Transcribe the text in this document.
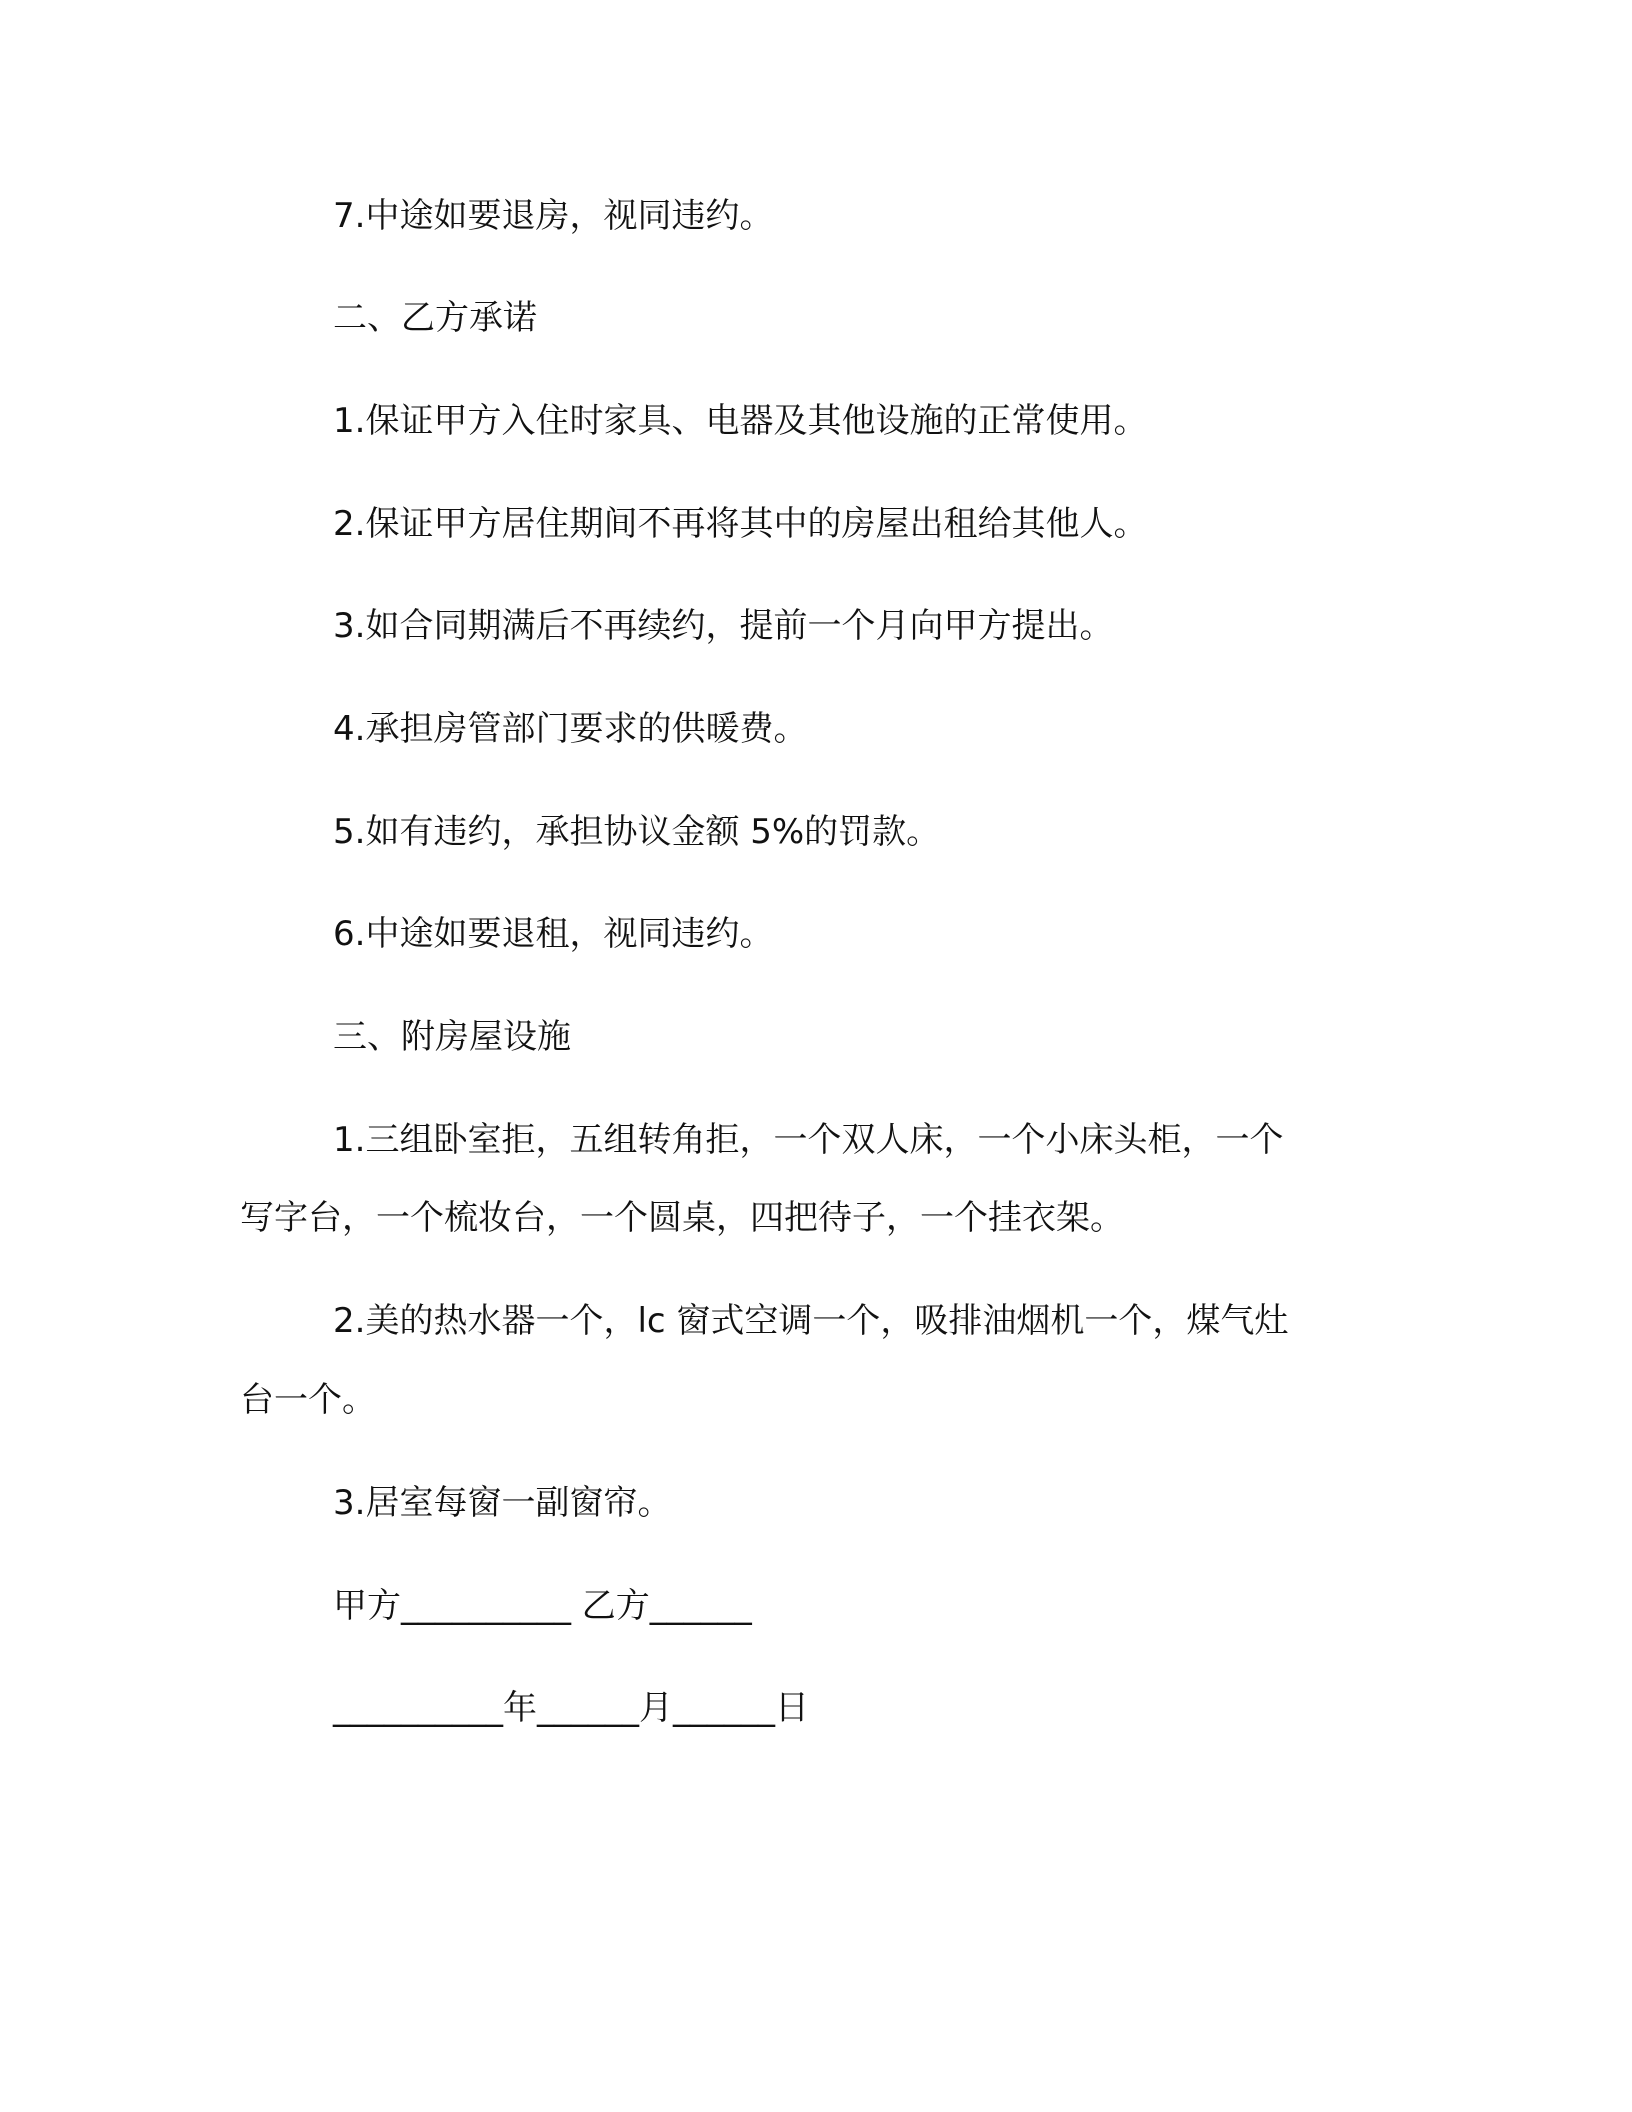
7.中途如要退房，视同违约。

二、乙方承诺

1.保证甲方入住时家具、电器及其他设施的正常使用。

2.保证甲方居住期间不再将其中的房屋出租给其他人。

3.如合同期满后不再续约，提前一个月向甲方提出。

4.承担房管部门要求的供暖费。

5.如有违约，承担协议金额 5%的罚款。

6.中途如要退租，视同违约。

三、附房屋设施

1.三组卧室拒，五组转角拒，一个双人床，一个小床头柜，一个

写字台，一个梳妆台，一个圆桌，四把待子，一个挂衣架。

2.美的热水器一个，lc 窗式空调一个，吸排油烟机一个，煤气灶

台一个。

3.居室每窗一副窗帘。

甲方__________ 乙方______

__________年______月______日
